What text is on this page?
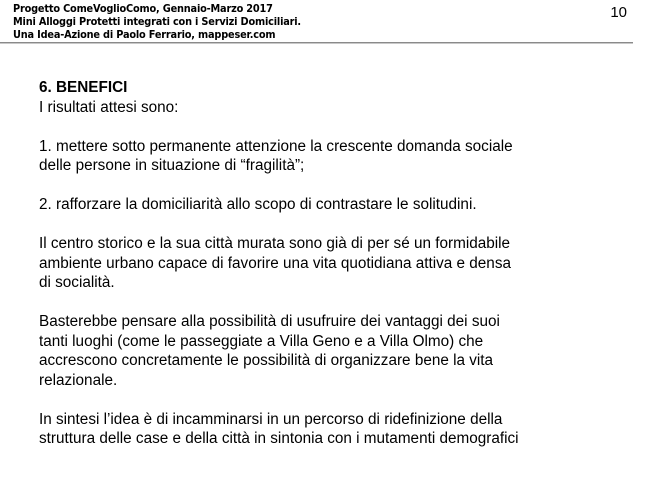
Progetto ComeVoglioComo, Gennaio-Marzo 2017
Mini Alloggi Protetti integrati con i Servizi Domiciliari.
Una Idea-Azione di Paolo Ferrario, mappeser.com
10

6. BENEFICI

I risultati attesi sono:

1. mettere sotto permanente attenzione la crescente domanda sociale
delle persone in situazione di “fragilità”;

2. rafforzare la domiciliarità allo scopo di contrastare le solitudini.

Il centro storico e la sua città murata sono già di per sé un formidabile
ambiente urbano capace di favorire una vita quotidiana attiva e densa
di socialità.

Basterebbe pensare alla possibilità di usufruire dei vantaggi dei suoi
tanti luoghi (come le passeggiate a Villa Geno e a Villa Olmo) che
accrescono concretamente le possibilità di organizzare bene la vita
relazionale.

In sintesi l’idea è di incamminarsi in un percorso di ridefinizione della
struttura delle case e della città in sintonia con i mutamenti demografici
